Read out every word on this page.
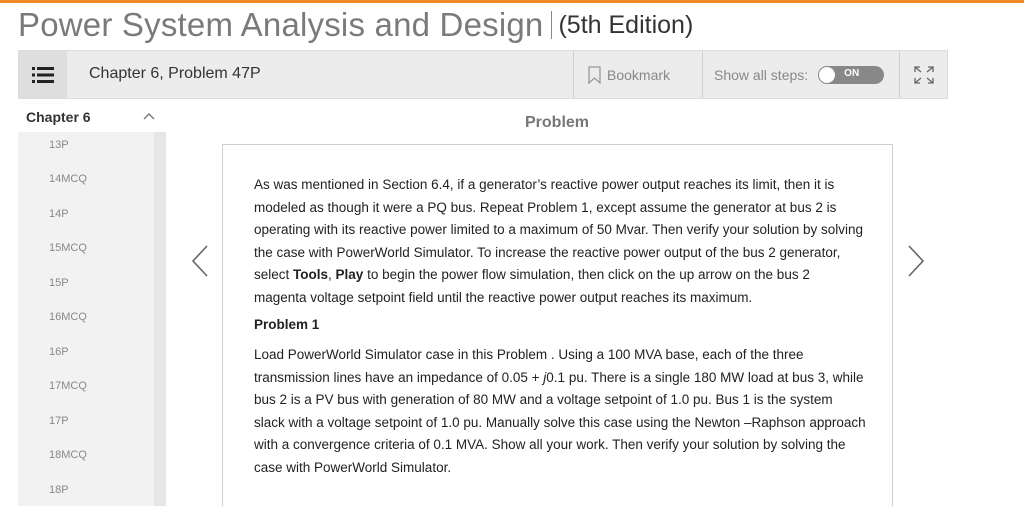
Power System Analysis and Design (5th Edition)
Chapter 6, Problem 47P	Bookmark	Show all steps:	ON
Chapter 6
13P
14MCQ
14P
15MCQ
15P
16MCQ
16P
17MCQ
17P
18MCQ
18P
Problem
As was mentioned in Section 6.4, if a generator’s reactive power output reaches its limit, then it is modeled as though it were a PQ bus. Repeat Problem 1, except assume the generator at bus 2 is operating with its reactive power limited to a maximum of 50 Mvar. Then verify your solution by solving the case with PowerWorld Simulator. To increase the reactive power output of the bus 2 generator, select Tools, Play to begin the power flow simulation, then click on the up arrow on the bus 2 magenta voltage setpoint field until the reactive power output reaches its maximum.
Problem 1
Load PowerWorld Simulator case in this Problem . Using a 100 MVA base, each of the three transmission lines have an impedance of 0.05 + j0.1 pu. There is a single 180 MW load at bus 3, while bus 2 is a PV bus with generation of 80 MW and a voltage setpoint of 1.0 pu. Bus 1 is the system slack with a voltage setpoint of 1.0 pu. Manually solve this case using the Newton –Raphson approach with a convergence criteria of 0.1 MVA. Show all your work. Then verify your solution by solving the case with PowerWorld Simulator.
